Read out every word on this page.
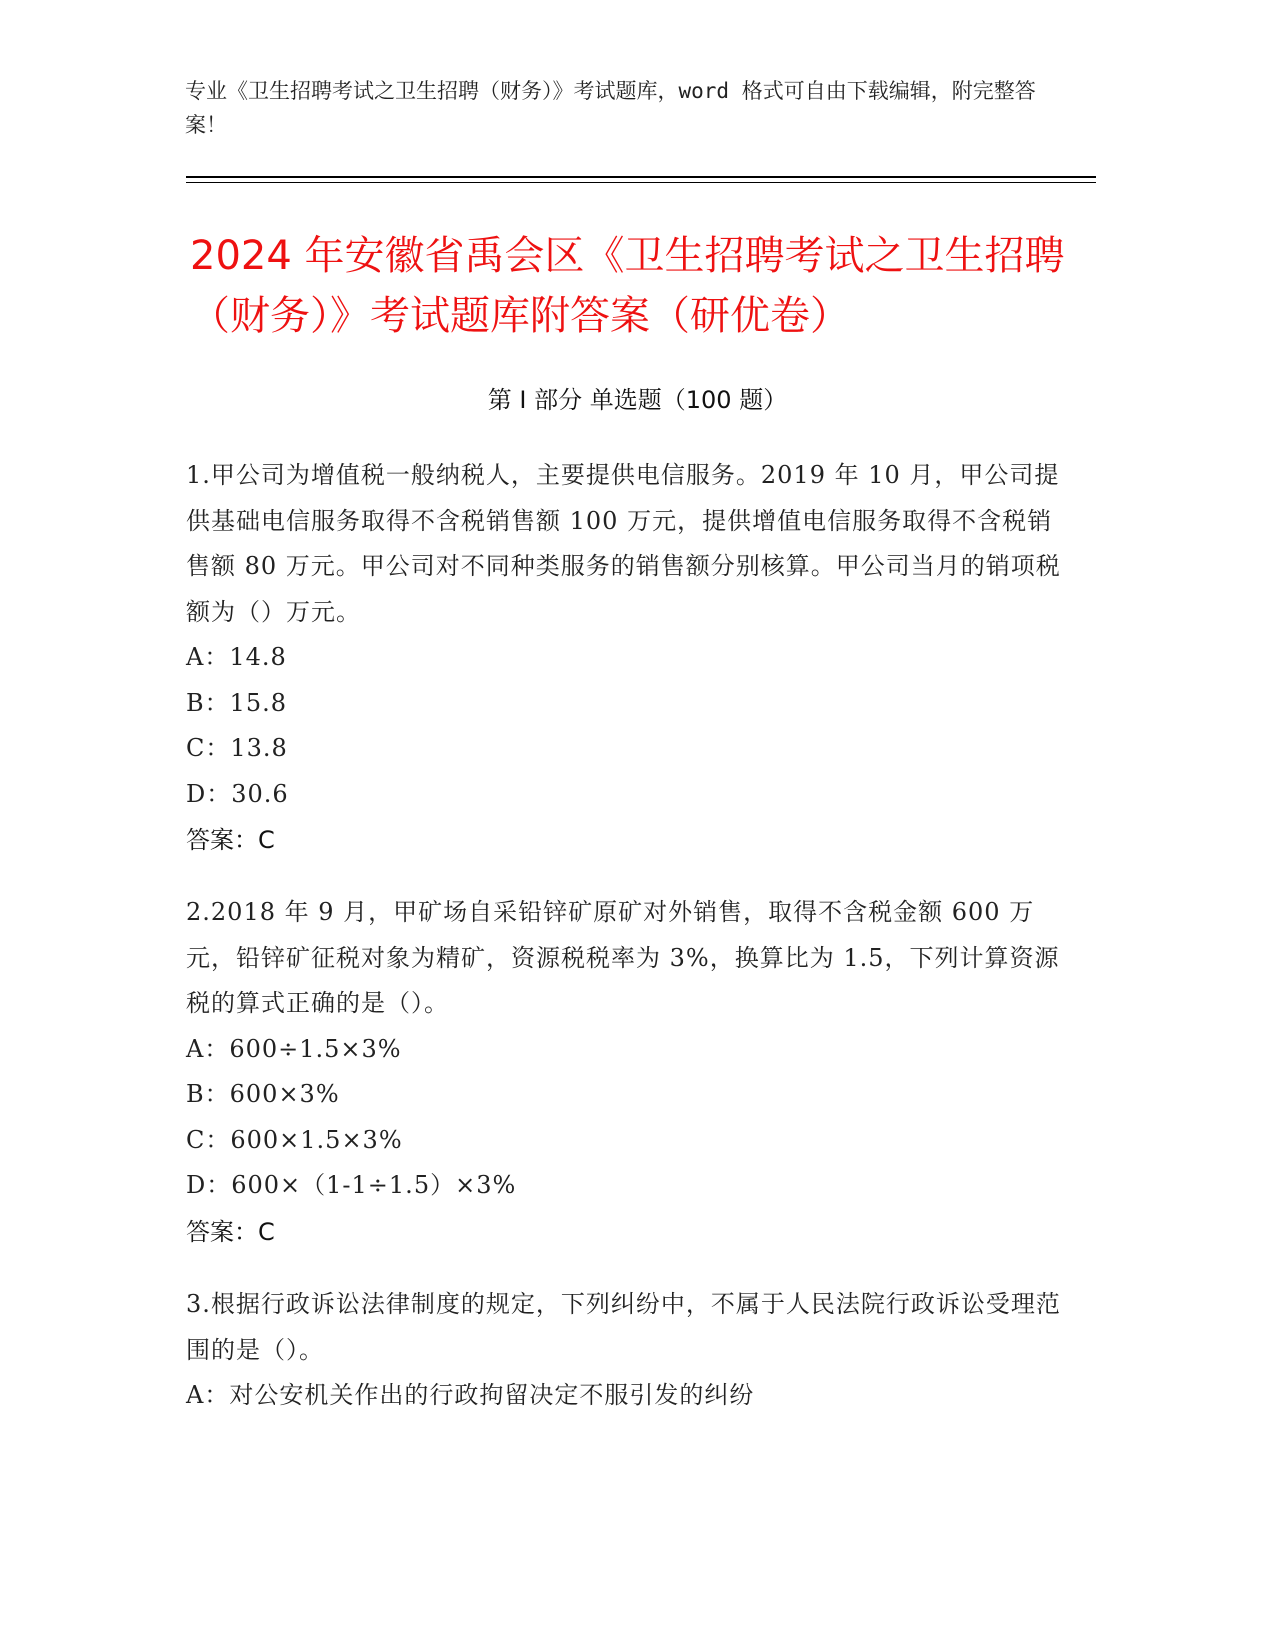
专业《卫生招聘考试之卫生招聘（财务）》考试题库，word 格式可自由下载编辑，附完整答案！
2024 年安徽省禹会区《卫生招聘考试之卫生招聘（财务）》考试题库附答案（研优卷）
第 I 部分 单选题（100 题）
1.甲公司为增值税一般纳税人，主要提供电信服务。2019 年 10 月，甲公司提供基础电信服务取得不含税销售额 100 万元，提供增值电信服务取得不含税销售额 80 万元。甲公司对不同种类服务的销售额分别核算。甲公司当月的销项税额为（）万元。
A：14.8
B：15.8
C：13.8
D：30.6
答案：C
2.2018 年 9 月，甲矿场自采铅锌矿原矿对外销售，取得不含税金额 600 万元，铅锌矿征税对象为精矿，资源税税率为 3%，换算比为 1.5，下列计算资源税的算式正确的是（）。
A：600÷1.5×3%
B：600×3%
C：600×1.5×3%
D：600×（1-1÷1.5）×3%
答案：C
3.根据行政诉讼法律制度的规定，下列纠纷中，不属于人民法院行政诉讼受理范围的是（）。
A：对公安机关作出的行政拘留决定不服引发的纠纷
